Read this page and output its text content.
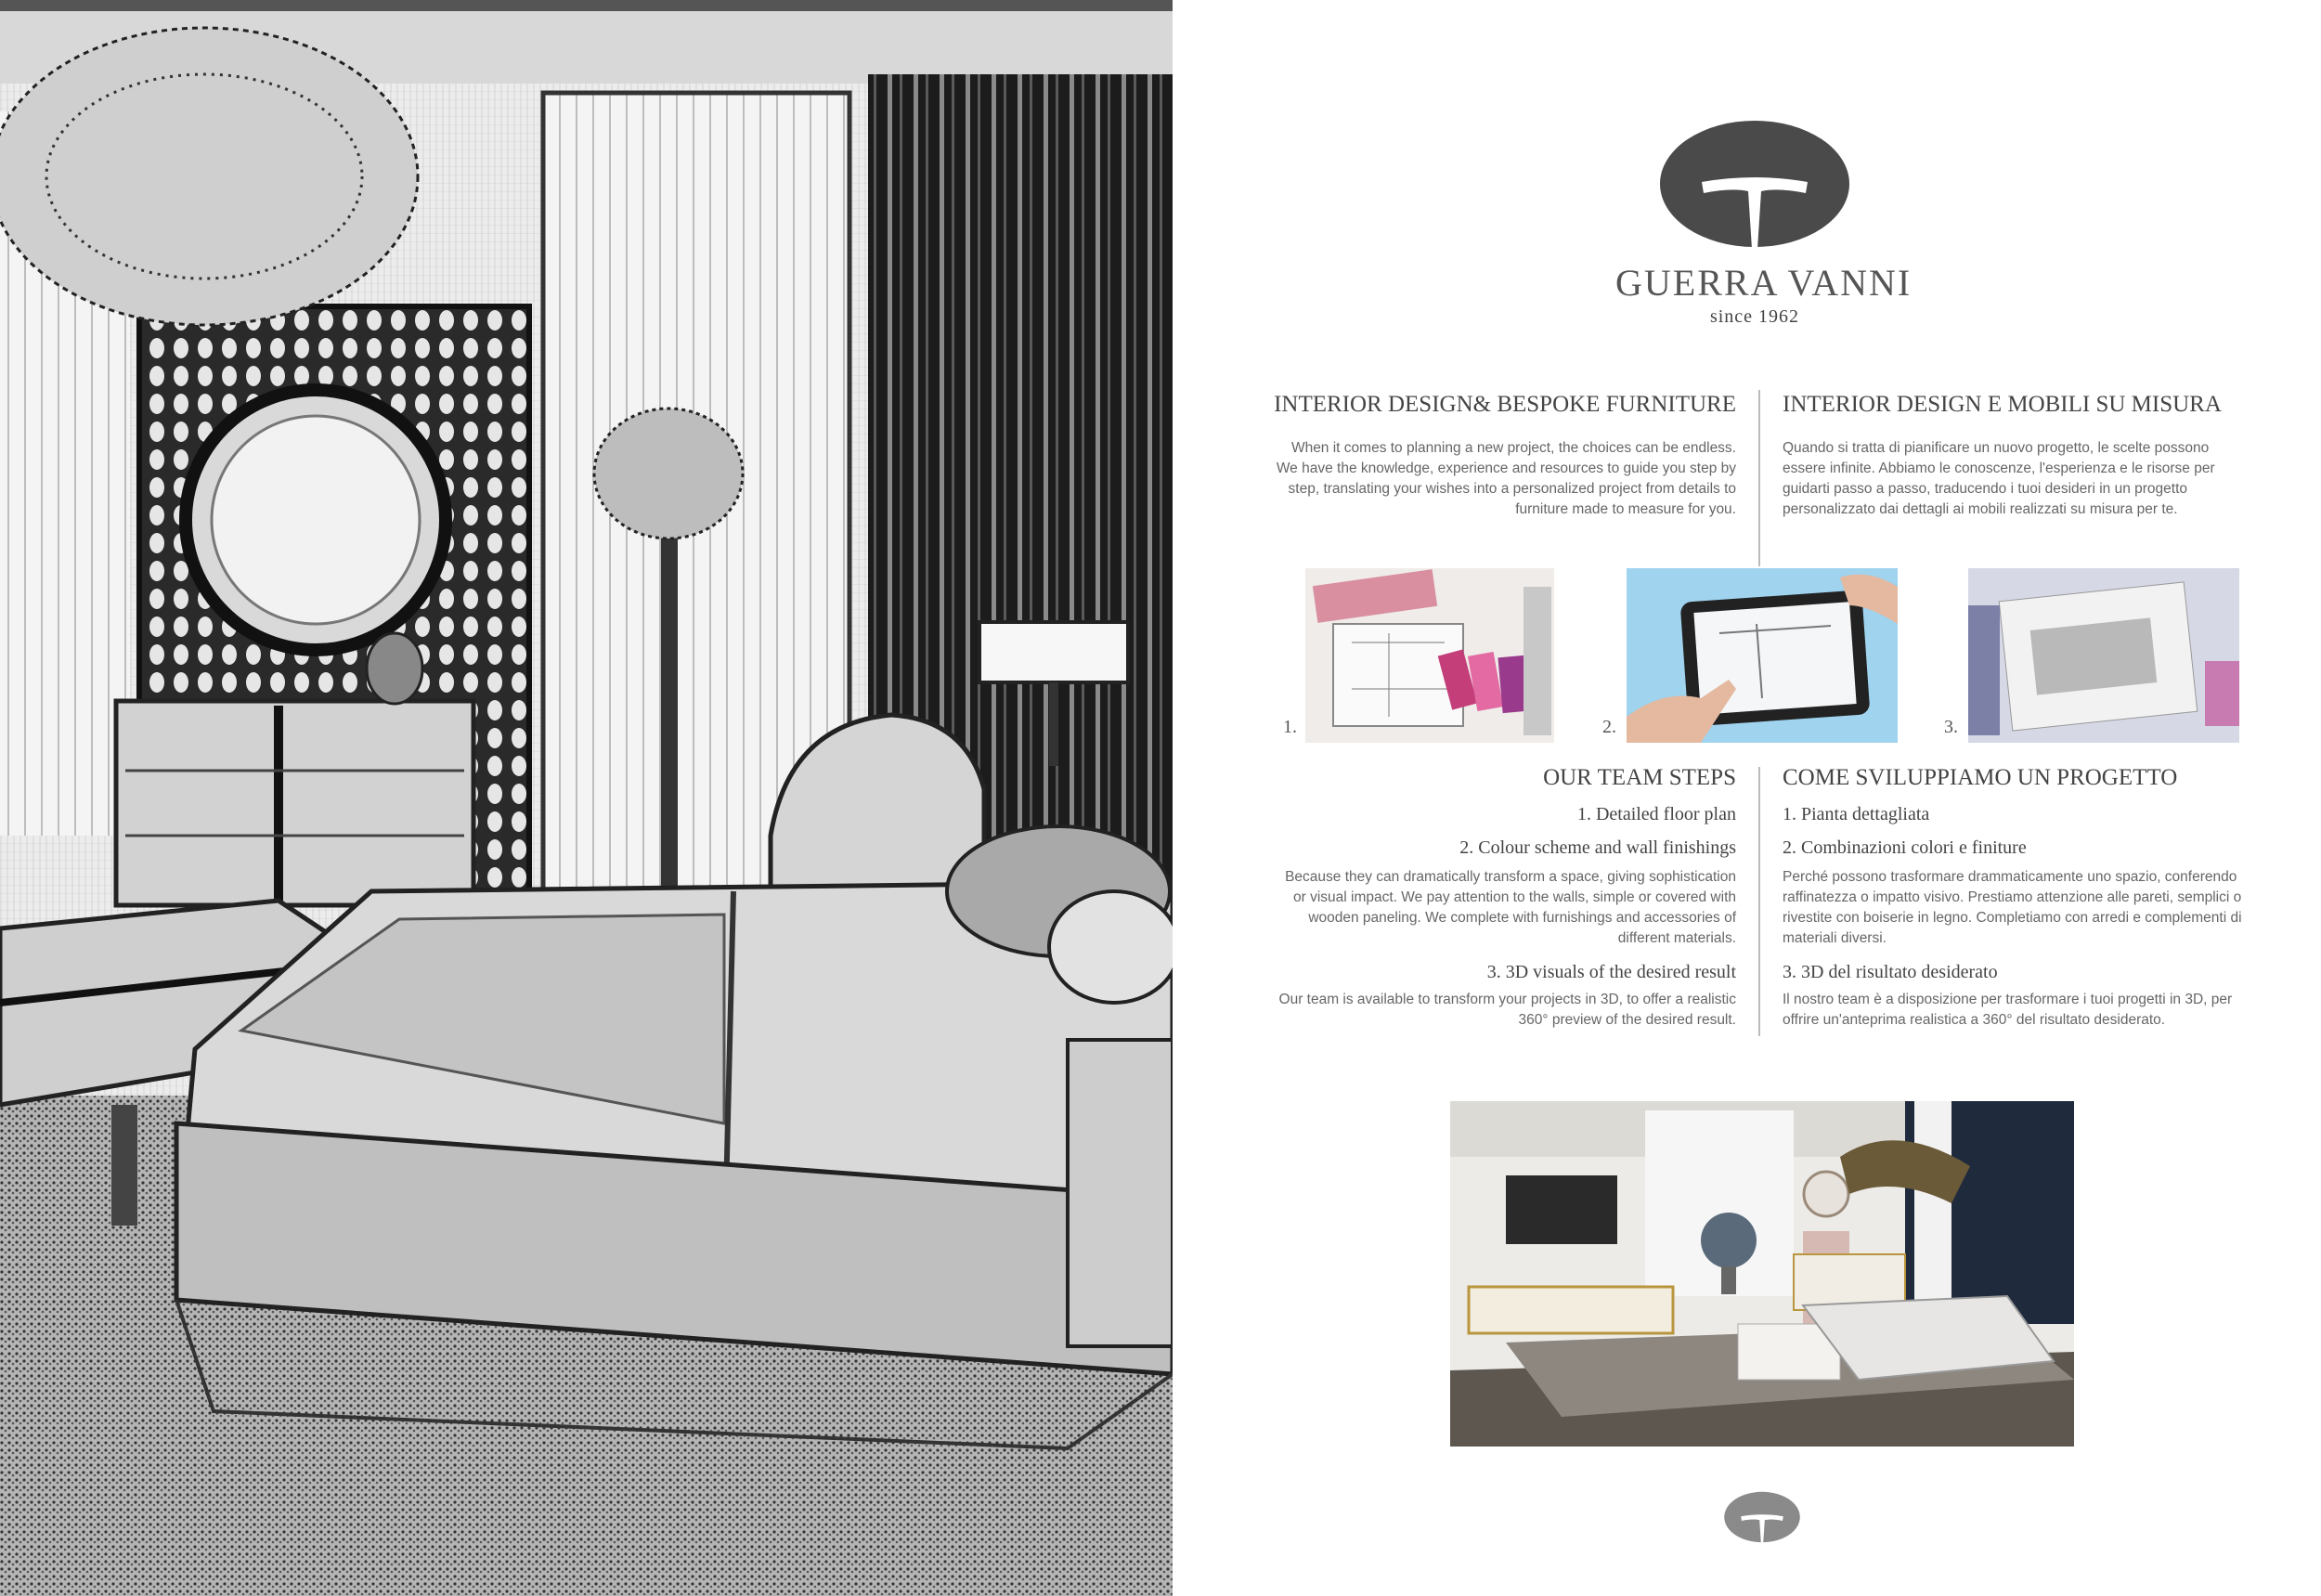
GUERRA VANNI
since 1962
INTERIOR DESIGN& BESPOKE FURNITURE INTERIOR DESIGN E MOBILI SU MISURA

When it comes to planning a new project, the choices can be endless. We have the knowledge, experience and resources to guide you step by step, translating your wishes into a personalized project from details to furniture made to measure for you.

Quando si tratta di pianificare un nuovo progetto, le scelte possono essere infinite. Abbiamo le conoscenze, l'esperienza e le risorse per guidarti passo a passo, traducendo i tuoi desideri in un progetto personalizzato dai dettagli ai mobili realizzati su misura per te.

1.	2.	3.
OUR TEAM STEPS COME SVILUPPIAMO UN PROGETTO

1. Detailed floor plan	1. Pianta dettagliata

2. Colour scheme and wall finishings	2. Combinazioni colori e finiture

Because they can dramatically transform a space, giving sophistication or visual impact. We pay attention to the walls, simple or covered with wooden paneling. We complete with furnishings and accessories of different materials.

Perché possono trasformare drammaticamente uno spazio, conferendo raffinatezza o impatto visivo. Prestiamo attenzione alle pareti, semplici o rivestite con boiserie in legno. Completiamo con arredi e complementi di materiali diversi.

3. 3D visuals of the desired result	3. 3D del risultato desiderato

Our team is available to transform your projects in 3D, to offer a realistic 360° preview of the desired result.

Il nostro team è a disposizione per trasformare i tuoi progetti in 3D, per offrire un'anteprima realistica a 360° del risultato desiderato.
